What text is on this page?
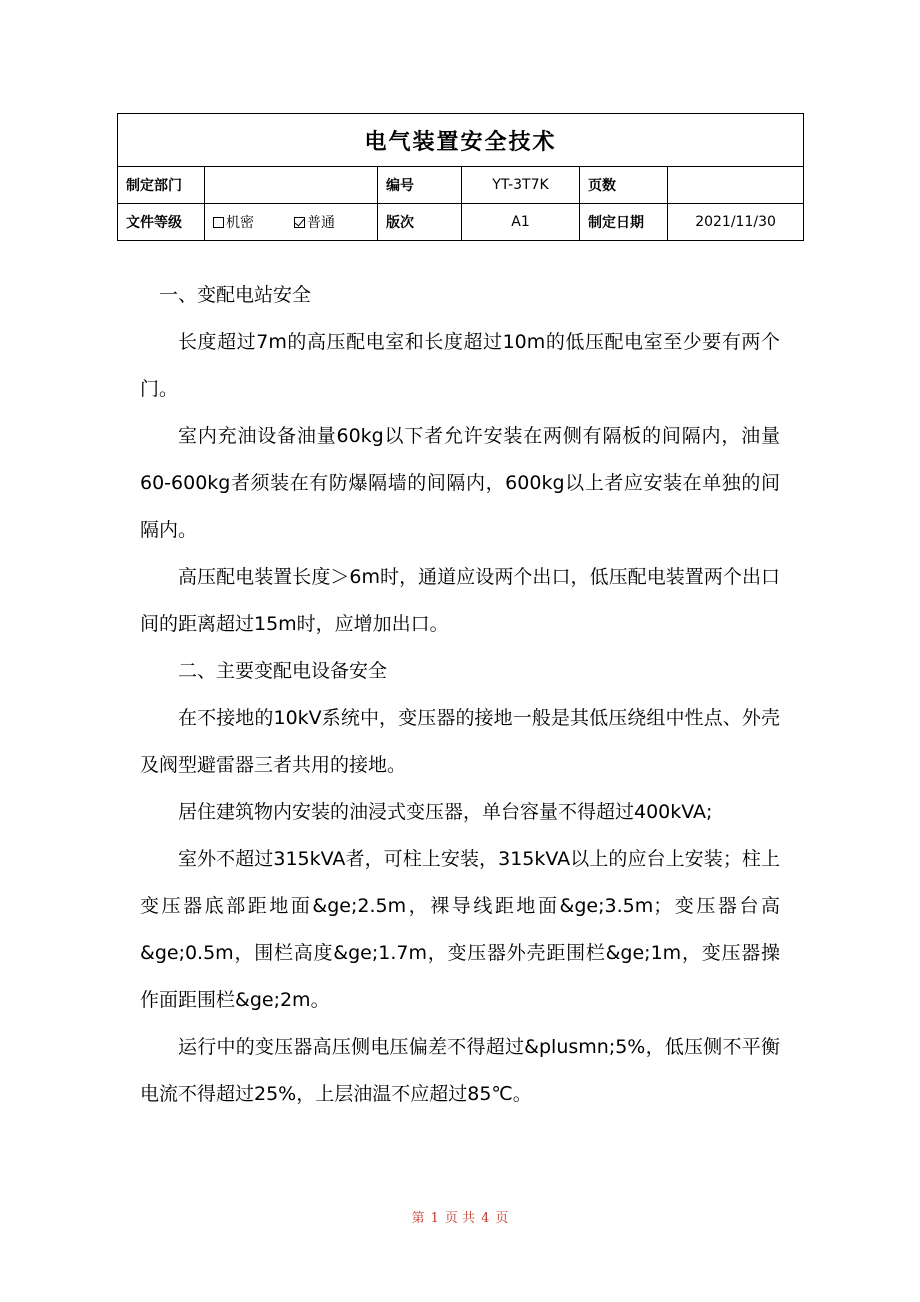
电气装置安全技术					
制定部门		编号	YT-3T7K	页数	
文件等级	机密 普通	版次	A1	制定日期	2021/11/30

一、变配电站安全

长度超过7m的高压配电室和长度超过10m的低压配电室至少要有两个门。

室内充油设备油量60kg以下者允许安装在两侧有隔板的间隔内，油量60-600kg者须装在有防爆隔墙的间隔内，600kg以上者应安装在单独的间隔内。

高压配电装置长度＞6m时，通道应设两个出口，低压配电装置两个出口间的距离超过15m时，应增加出口。

二、主要变配电设备安全

在不接地的10kV系统中，变压器的接地一般是其低压绕组中性点、外壳及阀型避雷器三者共用的接地。

居住建筑物内安装的油浸式变压器，单台容量不得超过400kVA;

室外不超过315kVA者，可柱上安装，315kVA以上的应台上安装；柱上变压器底部距地面&ge;2.5m，裸导线距地面&ge;3.5m；变压器台高&ge;0.5m，围栏高度&ge;1.7m，变压器外壳距围栏&ge;1m，变压器操作面距围栏&ge;2m。

运行中的变压器高压侧电压偏差不得超过&plusmn;5%，低压侧不平衡电流不得超过25%，上层油温不应超过85℃。

第 1 页 共 4 页
